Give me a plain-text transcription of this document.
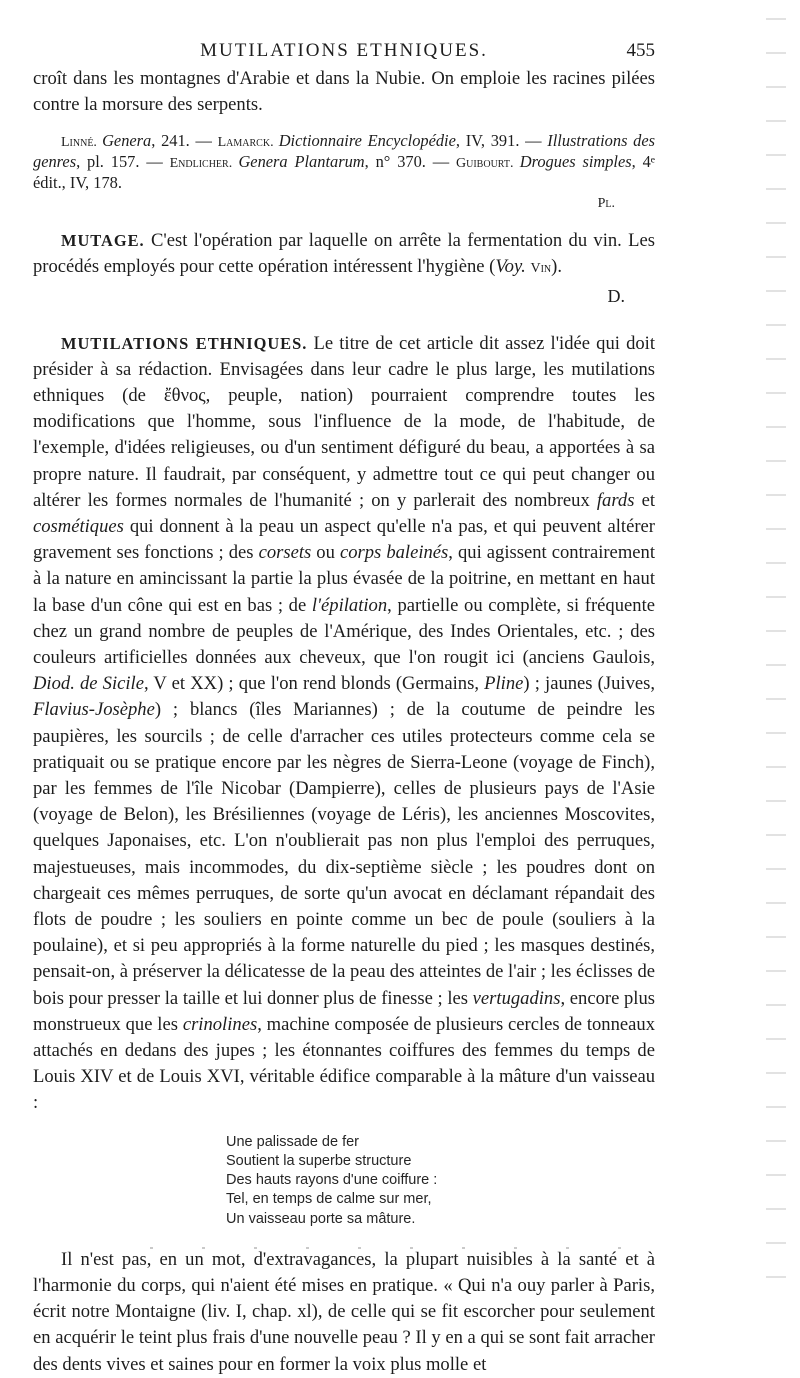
MUTILATIONS ETHNIQUES.	455

croît dans les montagnes d'Arabie et dans la Nubie. On emploie les racines pilées contre la morsure des serpents.

Linné. Genera, 241. — Lamarck. Dictionnaire Encyclopédie, IV, 391. — Illustrations des genres, pl. 157. — Endlicher. Genera Plantarum, n° 370. — Guibourt. Drogues simples, 4ᵉ édit., IV, 178.

Pl.

MUTAGE. C'est l'opération par laquelle on arrête la fermentation du vin. Les procédés employés pour cette opération intéressent l'hygiène (Voy. Vin).

D.

MUTILATIONS ETHNIQUES. Le titre de cet article dit assez l'idée qui doit présider à sa rédaction. Envisagées dans leur cadre le plus large, les mutilations ethniques (de ἔθνος, peuple, nation) pourraient comprendre toutes les modifications que l'homme, sous l'influence de la mode, de l'habitude, de l'exemple, d'idées religieuses, ou d'un sentiment défiguré du beau, a apportées à sa propre nature. Il faudrait, par conséquent, y admettre tout ce qui peut changer ou altérer les formes normales de l'humanité ; on y parlerait des nombreux fards et cosmétiques qui donnent à la peau un aspect qu'elle n'a pas, et qui peuvent altérer gravement ses fonctions ; des corsets ou corps baleinés, qui agissent contrairement à la nature en amincissant la partie la plus évasée de la poitrine, en mettant en haut la base d'un cône qui est en bas ; de l'épilation, partielle ou complète, si fréquente chez un grand nombre de peuples de l'Amérique, des Indes Orientales, etc. ; des couleurs artificielles données aux cheveux, que l'on rougit ici (anciens Gaulois, Diod. de Sicile, V et XX) ; que l'on rend blonds (Germains, Pline) ; jaunes (Juives, Flavius-Josèphe) ; blancs (îles Mariannes) ; de la coutume de peindre les paupières, les sourcils ; de celle d'arracher ces utiles protecteurs comme cela se pratiquait ou se pratique encore par les nègres de Sierra-Leone (voyage de Finch), par les femmes de l'île Nicobar (Dampierre), celles de plusieurs pays de l'Asie (voyage de Belon), les Brésiliennes (voyage de Léris), les anciennes Moscovites, quelques Japonaises, etc. L'on n'oublierait pas non plus l'emploi des perruques, majestueuses, mais incommodes, du dix-septième siècle ; les poudres dont on chargeait ces mêmes perruques, de sorte qu'un avocat en déclamant répandait des flots de poudre ; les souliers en pointe comme un bec de poule (souliers à la poulaine), et si peu appropriés à la forme naturelle du pied ; les masques destinés, pensait-on, à préserver la délicatesse de la peau des atteintes de l'air ; les éclisses de bois pour presser la taille et lui donner plus de finesse ; les vertugadins, encore plus monstrueux que les crinolines, machine composée de plusieurs cercles de tonneaux attachés en dedans des jupes ; les étonnantes coiffures des femmes du temps de Louis XIV et de Louis XVI, véritable édifice comparable à la mâture d'un vaisseau :

Une palissade de fer
Soutient la superbe structure
Des hauts rayons d'une coiffure :
Tel, en temps de calme sur mer,
Un vaisseau porte sa mâture.

Il n'est pas, en un mot, d'extravagances, la plupart nuisibles à la santé et à l'harmonie du corps, qui n'aient été mises en pratique. « Qui n'a ouy parler à Paris, écrit notre Montaigne (liv. I, chap. xl), de celle qui se fit escorcher pour seulement en acquérir le teint plus frais d'une nouvelle peau ? Il y en a qui se sont fait arracher des dents vives et saines pour en former la voix plus molle et
